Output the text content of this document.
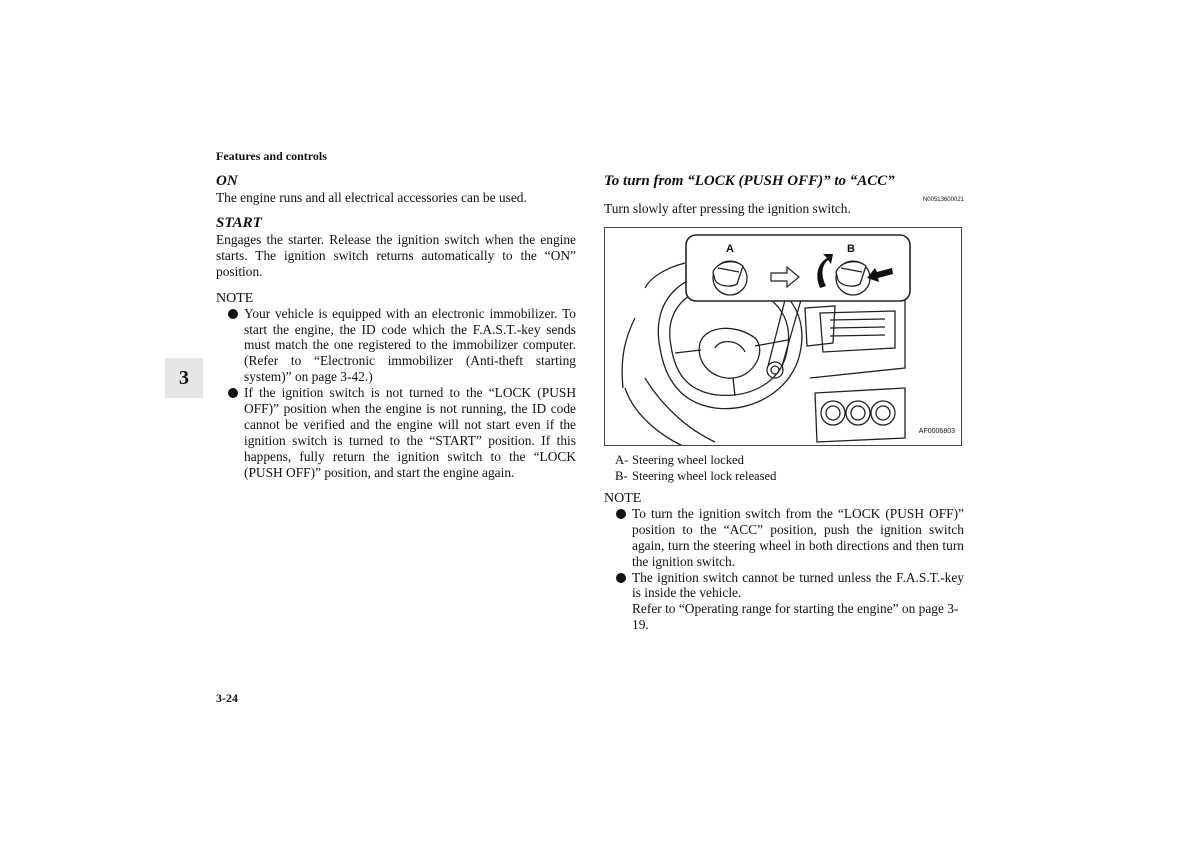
Features and controls
3
ON

The engine runs and all electrical accessories can be used.

START

Engages the starter. Release the ignition switch when the engine starts. The ignition switch returns automatically to the “ON” position.

NOTE
Your vehicle is equipped with an electronic immobilizer. To start the engine, the ID code which the F.A.S.T.-key sends must match the one registered to the immobilizer computer. (Refer to “Electronic immobilizer (Anti-theft starting system)” on page 3-42.)
If the ignition switch is not turned to the “LOCK (PUSH OFF)” position when the engine is not running, the ID code cannot be verified and the engine will not start even if the ignition switch is turned to the “START” position. If this happens, fully return the ignition switch to the “LOCK (PUSH OFF)” position, and start the engine again.
To turn from “LOCK (PUSH OFF)” to “ACC”
N00513600021

Turn slowly after pressing the ignition switch.

A	B
AF0006803
A- Steering wheel locked
B- Steering wheel lock released
NOTE
To turn the ignition switch from the “LOCK (PUSH OFF)” position to the “ACC” position, push the ignition switch again, turn the steering wheel in both directions and then turn the ignition switch.
The ignition switch cannot be turned unless the F.A.S.T.-key is inside the vehicle.

Refer to “Operating range for starting the engine” on page 3-19.

3-24
